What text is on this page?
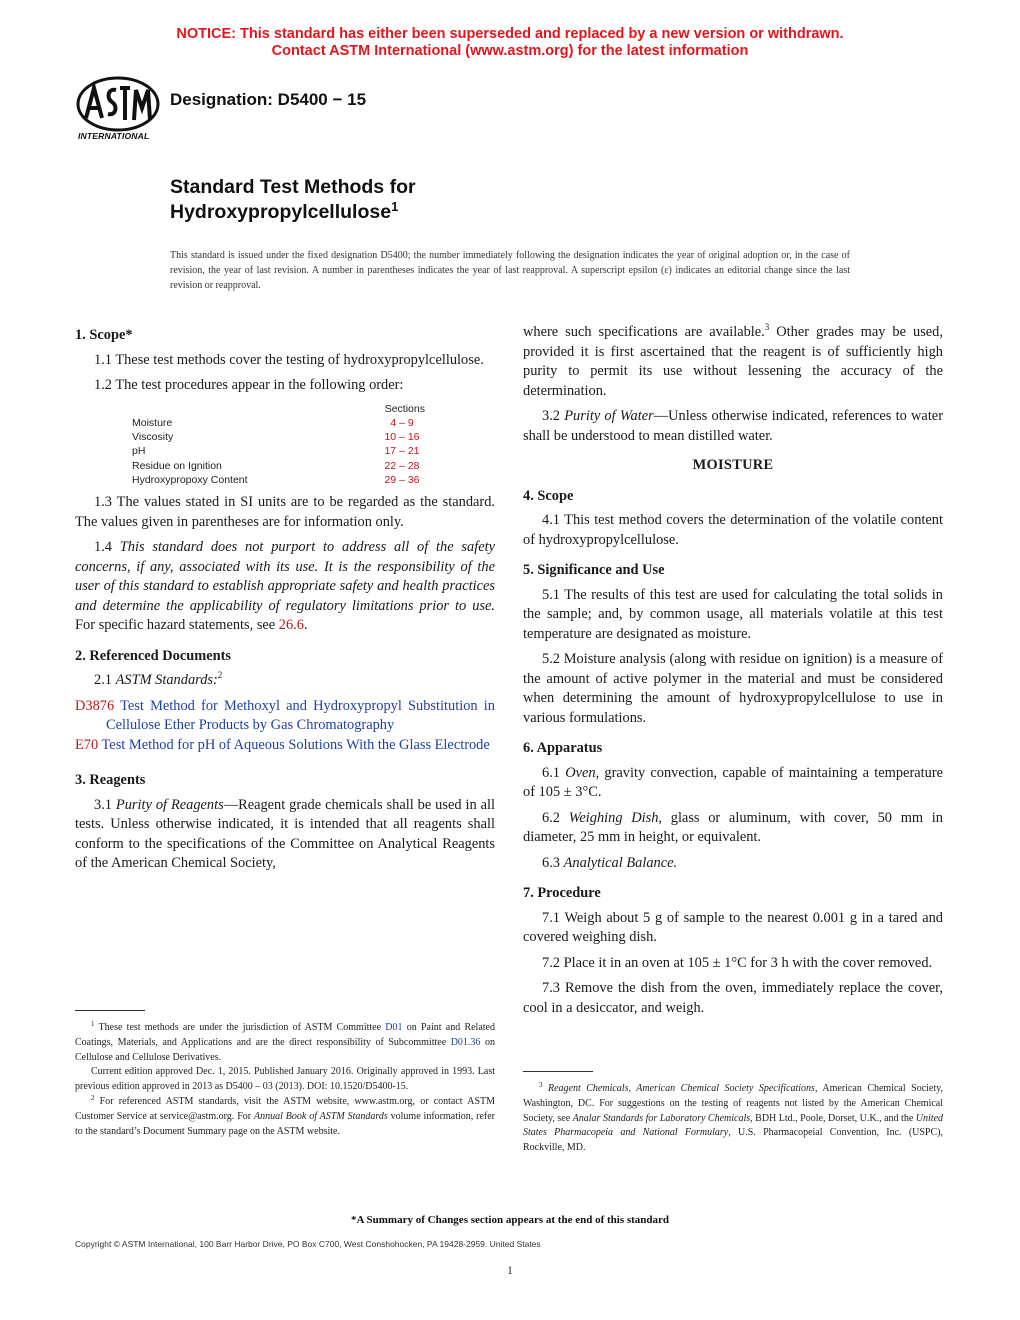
NOTICE: This standard has either been superseded and replaced by a new version or withdrawn.
Contact ASTM International (www.astm.org) for the latest information
INTERNATIONAL
Designation: D5400 − 15
Standard Test Methods for
Hydroxypropylcellulose$^1$
This standard is issued under the fixed designation D5400; the number immediately following the designation indicates the year of original adoption or, in the case of revision, the year of last revision. A number in parentheses indicates the year of last reapproval. A superscript epsilon (ε) indicates an editorial change since the last revision or reapproval.
1. Scope*
1.1 These test methods cover the testing of hydroxypropylcellulose.
1.2 The test procedures appear in the following order:
Sections
Moisture	4 – 9
Viscosity	10 – 16
pH	17 – 21
Residue on Ignition	22 – 28
Hydroxypropoxy Content	29 – 36
1.3 The values stated in SI units are to be regarded as the standard. The values given in parentheses are for information only.
1.4 This standard does not purport to address all of the safety concerns, if any, associated with its use. It is the responsibility of the user of this standard to establish appropriate safety and health practices and determine the applicability of regulatory limitations prior to use. For specific hazard statements, see 26.6.
2. Referenced Documents
2.1 ASTM Standards:$^2$
D3876 Test Method for Methoxyl and Hydroxypropyl Substitution in Cellulose Ether Products by Gas Chromatography
E70 Test Method for pH of Aqueous Solutions With the Glass Electrode
3. Reagents
3.1 Purity of Reagents—Reagent grade chemicals shall be used in all tests. Unless otherwise indicated, it is intended that all reagents shall conform to the specifications of the Committee on Analytical Reagents of the American Chemical Society,
$^1$ These test methods are under the jurisdiction of ASTM Committee D01 on Paint and Related Coatings, Materials, and Applications and are the direct responsibility of Subcommittee D01.36 on Cellulose and Cellulose Derivatives.
Current edition approved Dec. 1, 2015. Published January 2016. Originally approved in 1993. Last previous edition approved in 2013 as D5400 – 03 (2013). DOI: 10.1520/D5400-15.
$^2$ For referenced ASTM standards, visit the ASTM website, www.astm.org, or contact ASTM Customer Service at service@astm.org. For Annual Book of ASTM Standards volume information, refer to the standard’s Document Summary page on the ASTM website.
where such specifications are available.$^3$ Other grades may be used, provided it is first ascertained that the reagent is of sufficiently high purity to permit its use without lessening the accuracy of the determination.
3.2 Purity of Water—Unless otherwise indicated, references to water shall be understood to mean distilled water.
MOISTURE
4. Scope
4.1 This test method covers the determination of the volatile content of hydroxypropylcellulose.
5. Significance and Use
5.1 The results of this test are used for calculating the total solids in the sample; and, by common usage, all materials volatile at this test temperature are designated as moisture.
5.2 Moisture analysis (along with residue on ignition) is a measure of the amount of active polymer in the material and must be considered when determining the amount of hydroxypropylcellulose to use in various formulations.
6. Apparatus
6.1 Oven, gravity convection, capable of maintaining a temperature of 105 ± 3°C.
6.2 Weighing Dish, glass or aluminum, with cover, 50 mm in diameter, 25 mm in height, or equivalent.
6.3 Analytical Balance.
7. Procedure
7.1 Weigh about 5 g of sample to the nearest 0.001 g in a tared and covered weighing dish.
7.2 Place it in an oven at 105 ± 1°C for 3 h with the cover removed.
7.3 Remove the dish from the oven, immediately replace the cover, cool in a desiccator, and weigh.
$^3$ Reagent Chemicals, American Chemical Society Specifications, American Chemical Society, Washington, DC. For suggestions on the testing of reagents not listed by the American Chemical Society, see Analar Standards for Laboratory Chemicals, BDH Ltd., Poole, Dorset, U.K., and the United States Pharmacopeia and National Formulary, U.S. Pharmacopeial Convention, Inc. (USPC), Rockville, MD.
*A Summary of Changes section appears at the end of this standard
Copyright © ASTM International, 100 Barr Harbor Drive, PO Box C700, West Conshohocken, PA 19428-2959. United States
1
